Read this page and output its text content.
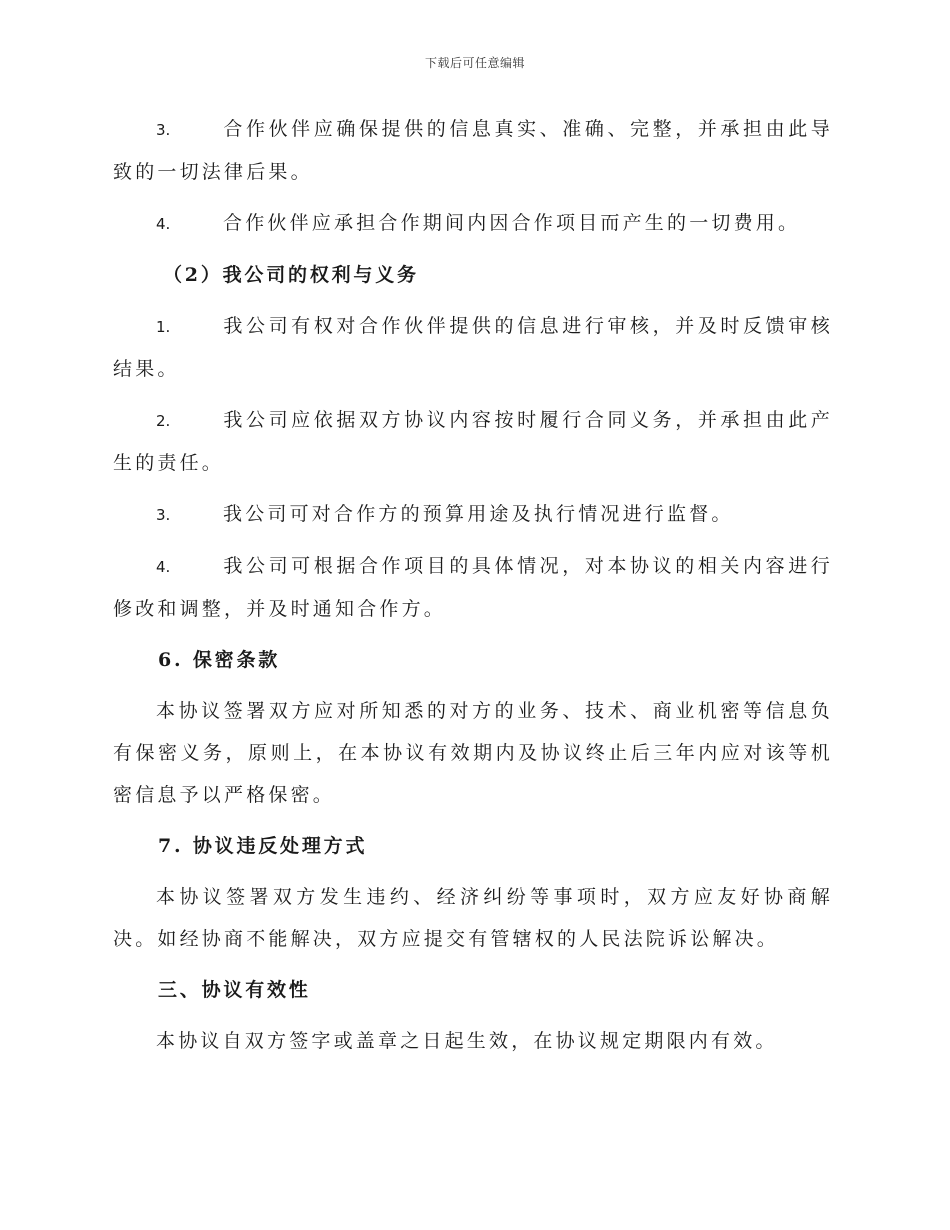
下载后可任意编辑

3.	合作伙伴应确保提供的信息真实、准确、完整，并承担由此导致的一切法律后果。

4.	合作伙伴应承担合作期间内因合作项目而产生的一切费用。

（2）我公司的权利与义务

1.	我公司有权对合作伙伴提供的信息进行审核，并及时反馈审核结果。

2.	我公司应依据双方协议内容按时履行合同义务，并承担由此产生的责任。

3.	我公司可对合作方的预算用途及执行情况进行监督。

4.	我公司可根据合作项目的具体情况，对本协议的相关内容进行修改和调整，并及时通知合作方。

6. 保密条款

本协议签署双方应对所知悉的对方的业务、技术、商业机密等信息负有保密义务，原则上，在本协议有效期内及协议终止后三年内应对该等机密信息予以严格保密。

7. 协议违反处理方式

本协议签署双方发生违约、经济纠纷等事项时，双方应友好协商解决。如经协商不能解决，双方应提交有管辖权的人民法院诉讼解决。

三、协议有效性

本协议自双方签字或盖章之日起生效，在协议规定期限内有效。
